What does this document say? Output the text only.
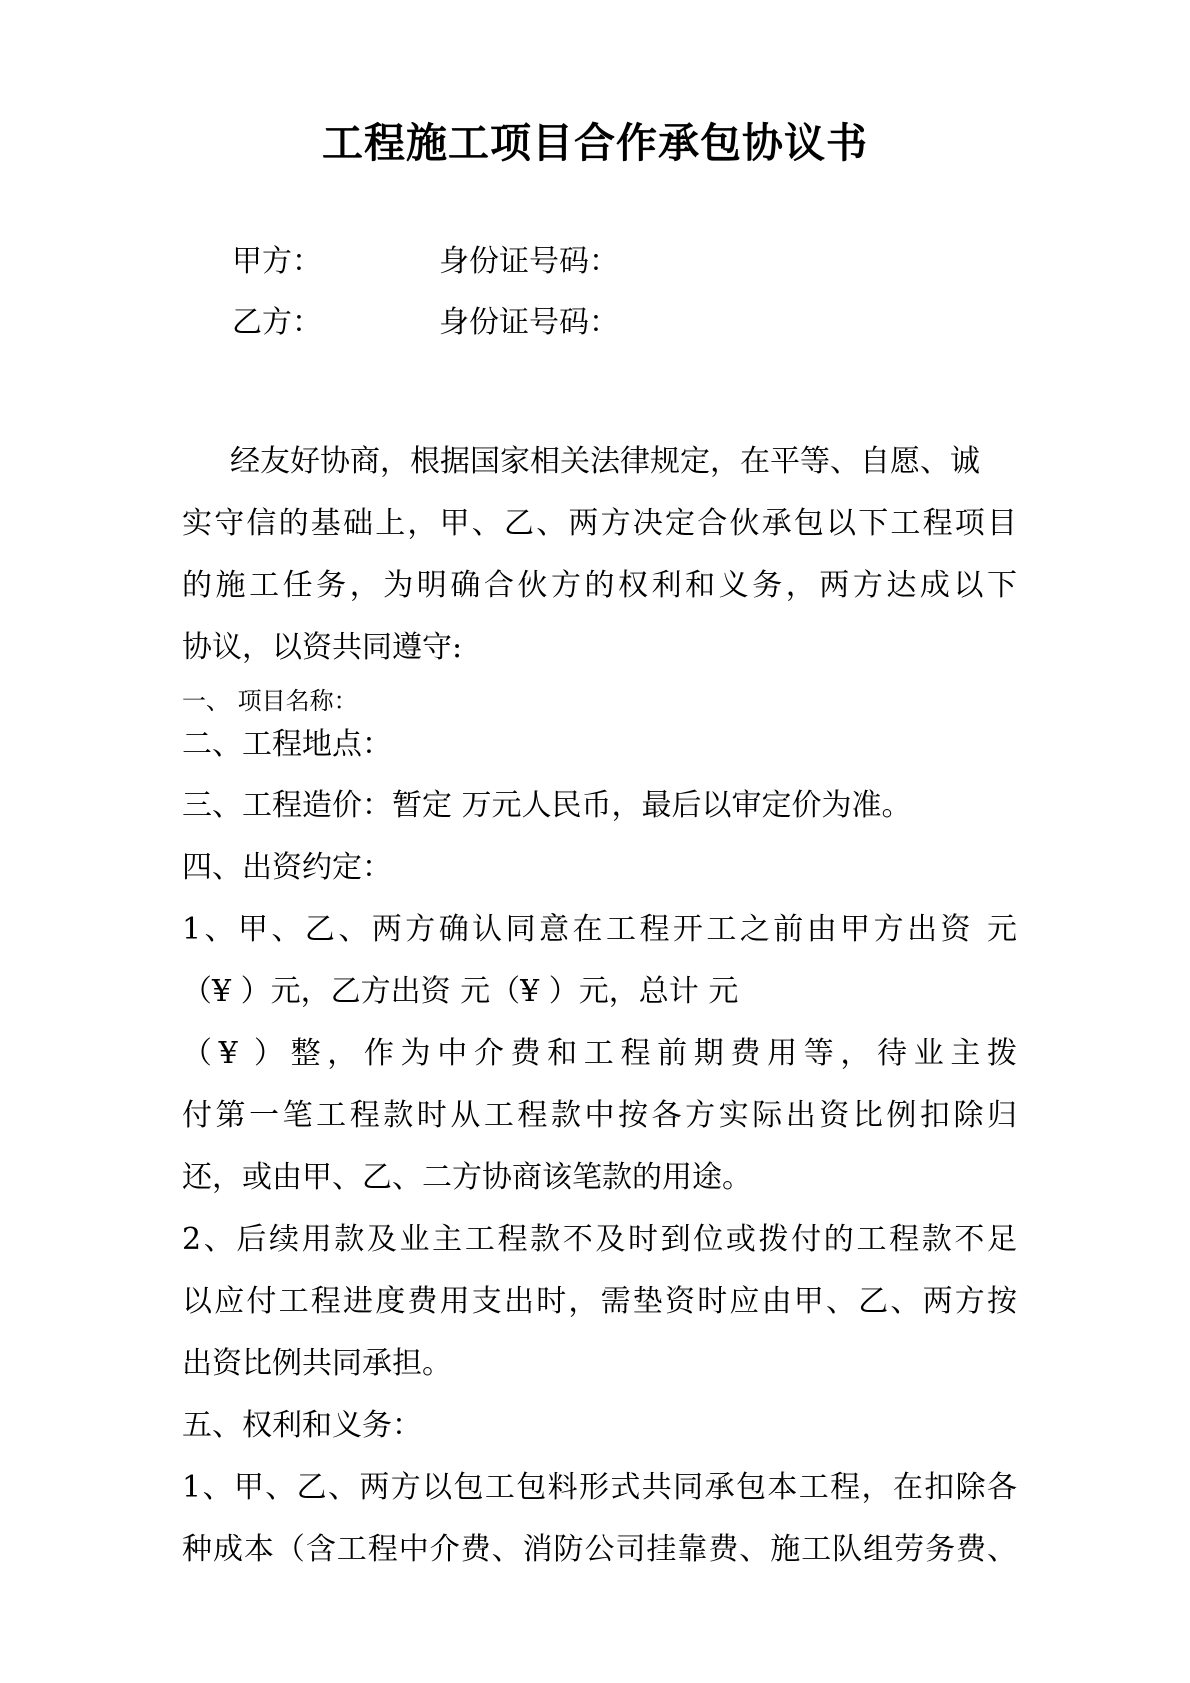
工程施工项目合作承包协议书
甲方：	身份证号码：
乙方：	身份证号码：
经友好协商，根据国家相关法律规定，在平等、自愿、诚
实守信的基础上，甲、乙、两方决定合伙承包以下工程项目
的施工任务，为明确合伙方的权利和义务，两方达成以下
协议，以资共同遵守:
一、 项目名称：
二、工程地点：
三、工程造价：暂定 万元人民币，最后以审定价为准。
四、出资约定：
1、甲、乙、两方确认同意在工程开工之前由甲方出资 元
（¥ ）元，乙方出资 元（¥ ）元，总计 元
（¥ ）整，作为中介费和工程前期费用等，待业主拨
付第一笔工程款时从工程款中按各方实际出资比例扣除归
还，或由甲、乙、二方协商该笔款的用途。
2、后续用款及业主工程款不及时到位或拨付的工程款不足
以应付工程进度费用支出时，需垫资时应由甲、乙、两方按
出资比例共同承担。
五、权利和义务：
1、甲、乙、两方以包工包料形式共同承包本工程，在扣除各
种成本（含工程中介费、消防公司挂靠费、施工队组劳务费、
